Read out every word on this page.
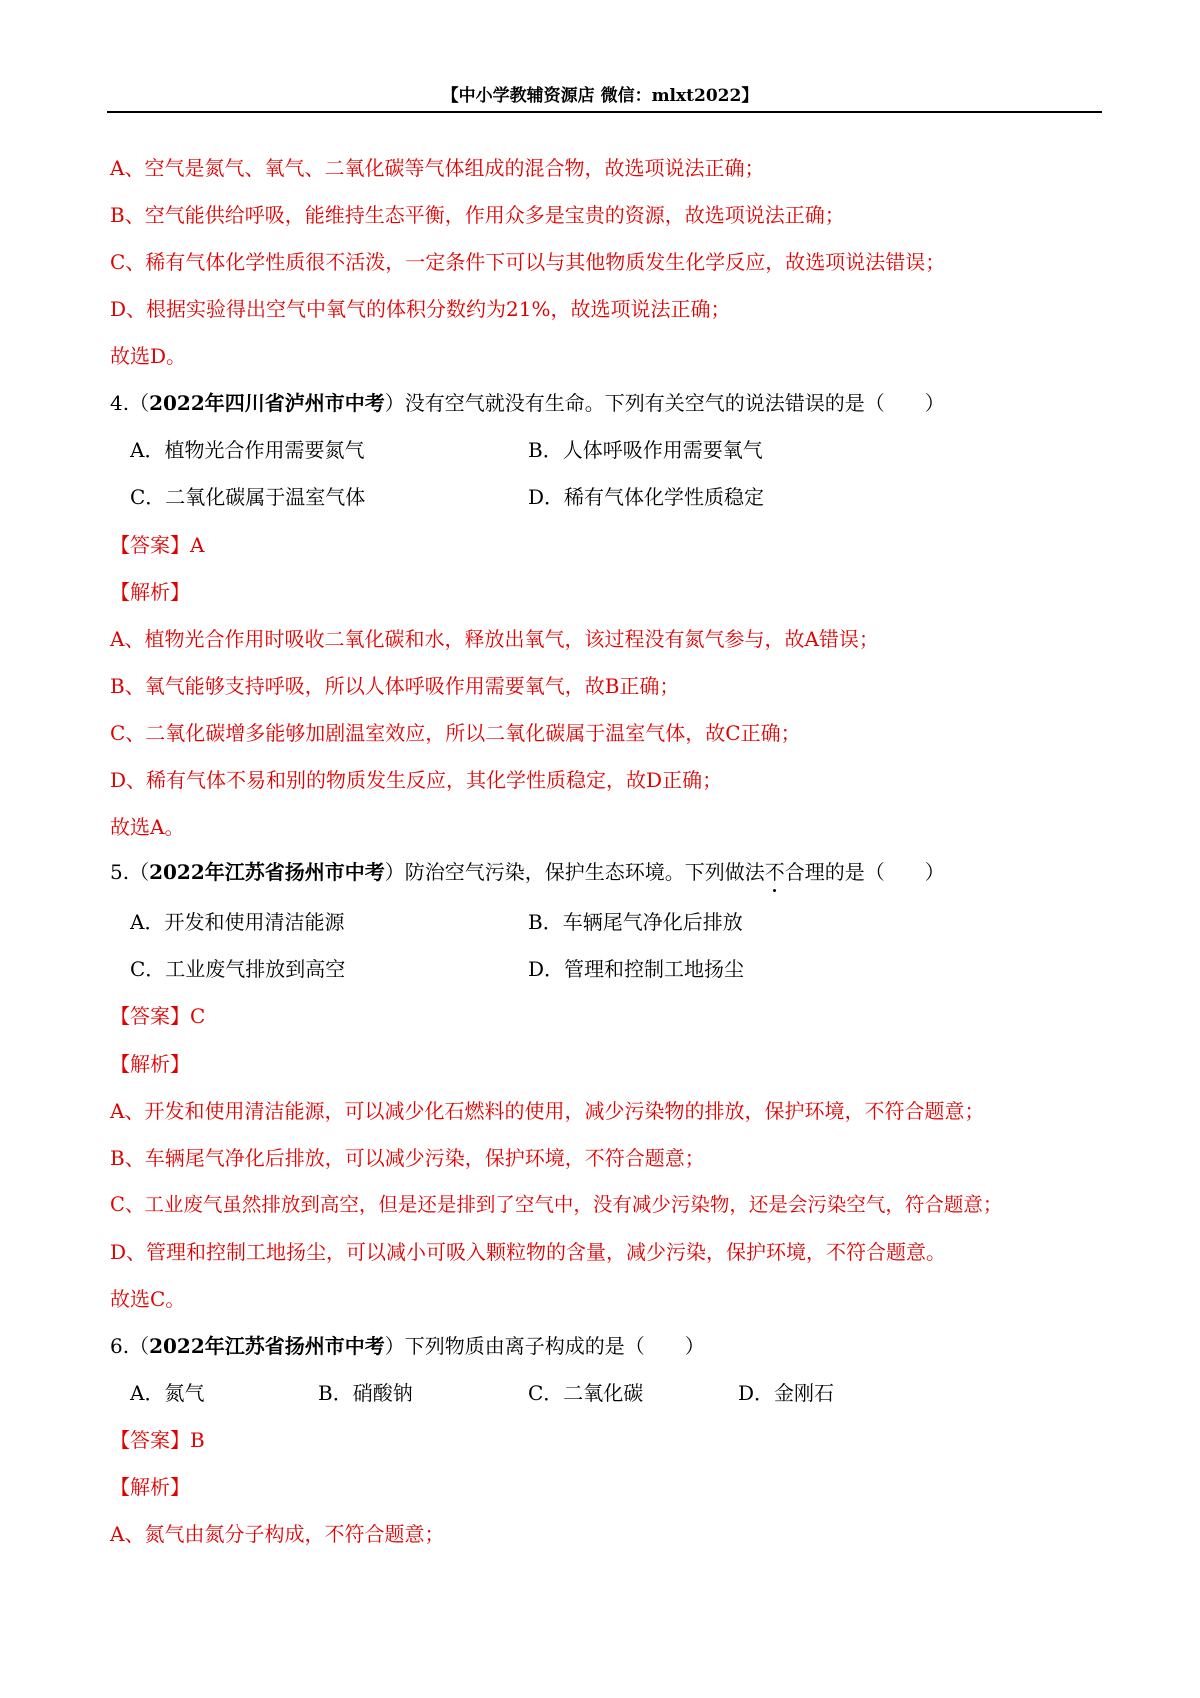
【中小学教辅资源店 微信：mlxt2022】
A、空气是氮气、氧气、二氧化碳等气体组成的混合物，故选项说法正确；
B、空气能供给呼吸，能维持生态平衡，作用众多是宝贵的资源，故选项说法正确；
C、稀有气体化学性质很不活泼，一定条件下可以与其他物质发生化学反应，故选项说法错误；
D、根据实验得出空气中氧气的体积分数约为21%，故选项说法正确；
故选D。
4.（2022年四川省泸州市中考）没有空气就没有生命。下列有关空气的说法错误的是（　　）
A．植物光合作用需要氮气	B．人体呼吸作用需要氧气
C．二氧化碳属于温室气体	D．稀有气体化学性质稳定
【答案】A
【解析】
A、植物光合作用时吸收二氧化碳和水，释放出氧气，该过程没有氮气参与，故A错误；
B、氧气能够支持呼吸，所以人体呼吸作用需要氧气，故B正确；
C、二氧化碳增多能够加剧温室效应，所以二氧化碳属于温室气体，故C正确；
D、稀有气体不易和别的物质发生反应，其化学性质稳定，故D正确；
故选A。
5.（2022年江苏省扬州市中考）防治空气污染，保护生态环境。下列做法不合理的是（　　）
A．开发和使用清洁能源	B．车辆尾气净化后排放
C．工业废气排放到高空	D．管理和控制工地扬尘
【答案】C
【解析】
A、开发和使用清洁能源，可以减少化石燃料的使用，减少污染物的排放，保护环境，不符合题意；
B、车辆尾气净化后排放，可以减少污染，保护环境，不符合题意；
C、工业废气虽然排放到高空，但是还是排到了空气中，没有减少污染物，还是会污染空气，符合题意；
D、管理和控制工地扬尘，可以减小可吸入颗粒物的含量，减少污染，保护环境，不符合题意。
故选C。
6.（2022年江苏省扬州市中考）下列物质由离子构成的是（　　）
A．氮气	B．硝酸钠	C．二氧化碳	D．金刚石
【答案】B
【解析】
A、氮气由氮分子构成，不符合题意；
